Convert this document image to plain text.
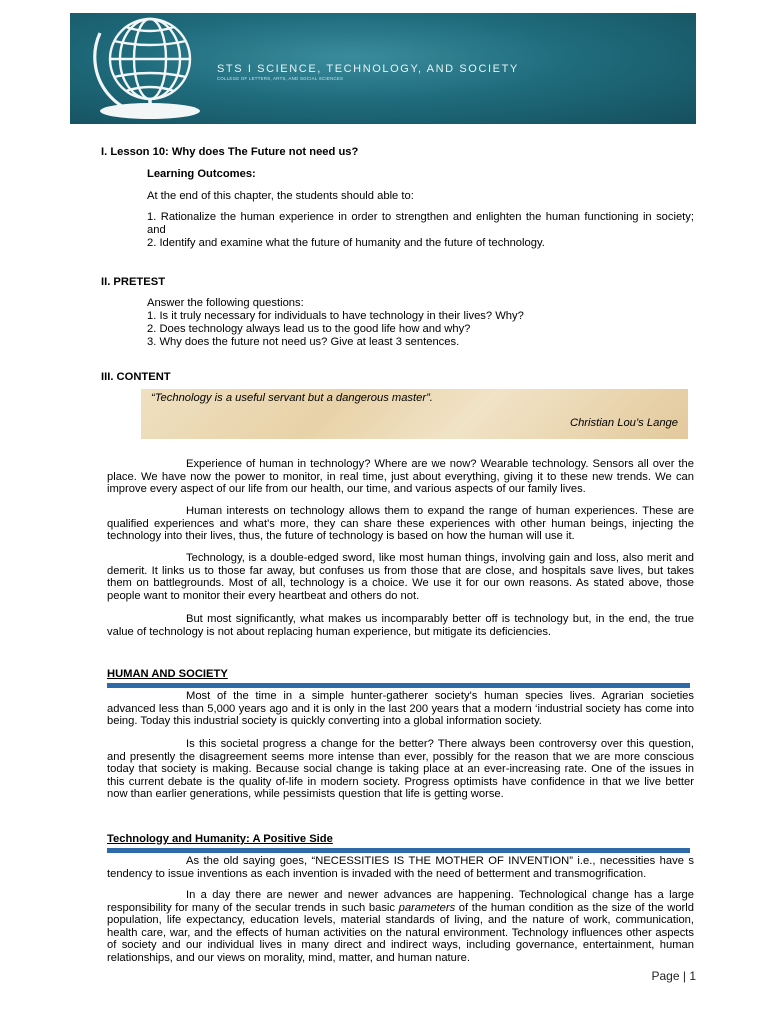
STS I SCIENCE, TECHNOLOGY, AND SOCIETY
COLLEGE OF LETTERS, ARTS, AND SOCIAL SCIENCES
I. Lesson 10: Why does The Future not need us?
Learning Outcomes:
At the end of this chapter, the students should able to:
1. Rationalize the human experience in order to strengthen and enlighten the human functioning in society; and
2. Identify and examine what the future of humanity and the future of technology.
II. PRETEST
Answer the following questions:
1. Is it truly necessary for individuals to have technology in their lives? Why?
2. Does technology always lead us to the good life how and why?
3. Why does the future not need us? Give at least 3 sentences.
III. CONTENT
“Technology is a useful servant but a dangerous master”.
Christian Lou’s Lange
Experience of human in technology? Where are we now? Wearable technology. Sensors all over the place. We have now the power to monitor, in real time, just about everything, giving it to these new trends. We can improve every aspect of our life from our health, our time, and various aspects of our family lives.
Human interests on technology allows them to expand the range of human experiences. These are qualified experiences and what's more, they can share these experiences with other human beings, injecting the technology into their lives, thus, the future of technology is based on how the human will use it.
Technology, is a double-edged sword, like most human things, involving gain and loss, also merit and demerit. It links us to those far away, but confuses us from those that are close, and hospitals save lives, but takes them on battlegrounds. Most of all, technology is a choice. We use it for our own reasons. As stated above, those people want to monitor their every heartbeat and others do not.
But most significantly, what makes us incomparably better off is technology but, in the end, the true value of technology is not about replacing human experience, but mitigate its deficiencies.
HUMAN AND SOCIETY
Most of the time in a simple hunter-gatherer society's human species lives. Agrarian societies advanced less than 5,000 years ago and it is only in the last 200 years that a modern ‘industrial society has come into being. Today this industrial society is quickly converting into a global information society.
Is this societal progress a change for the better? There always been controversy over this question, and presently the disagreement seems more intense than ever, possibly for the reason that we are more conscious today that society is making. Because social change is taking place at an ever-increasing rate. One of the issues in this current debate is the quality of-life in modern society. Progress optimists have confidence in that we live better now than earlier generations, while pessimists question that life is getting worse.
Technology and Humanity: A Positive Side
As the old saying goes, “NECESSITIES IS THE MOTHER OF INVENTION” i.e., necessities have s tendency to issue inventions as each invention is invaded with the need of betterment and transmogrification.
In a day there are newer and newer advances are happening. Technological change has a large responsibility for many of the secular trends in such basic parameters of the human condition as the size of the world population, life expectancy, education levels, material standards of living, and the nature of work, communication, health care, war, and the effects of human activities on the natural environment. Technology influences other aspects of society and our individual lives in many direct and indirect ways, including governance, entertainment, human relationships, and our views on morality, mind, matter, and human nature.
Page | 1
